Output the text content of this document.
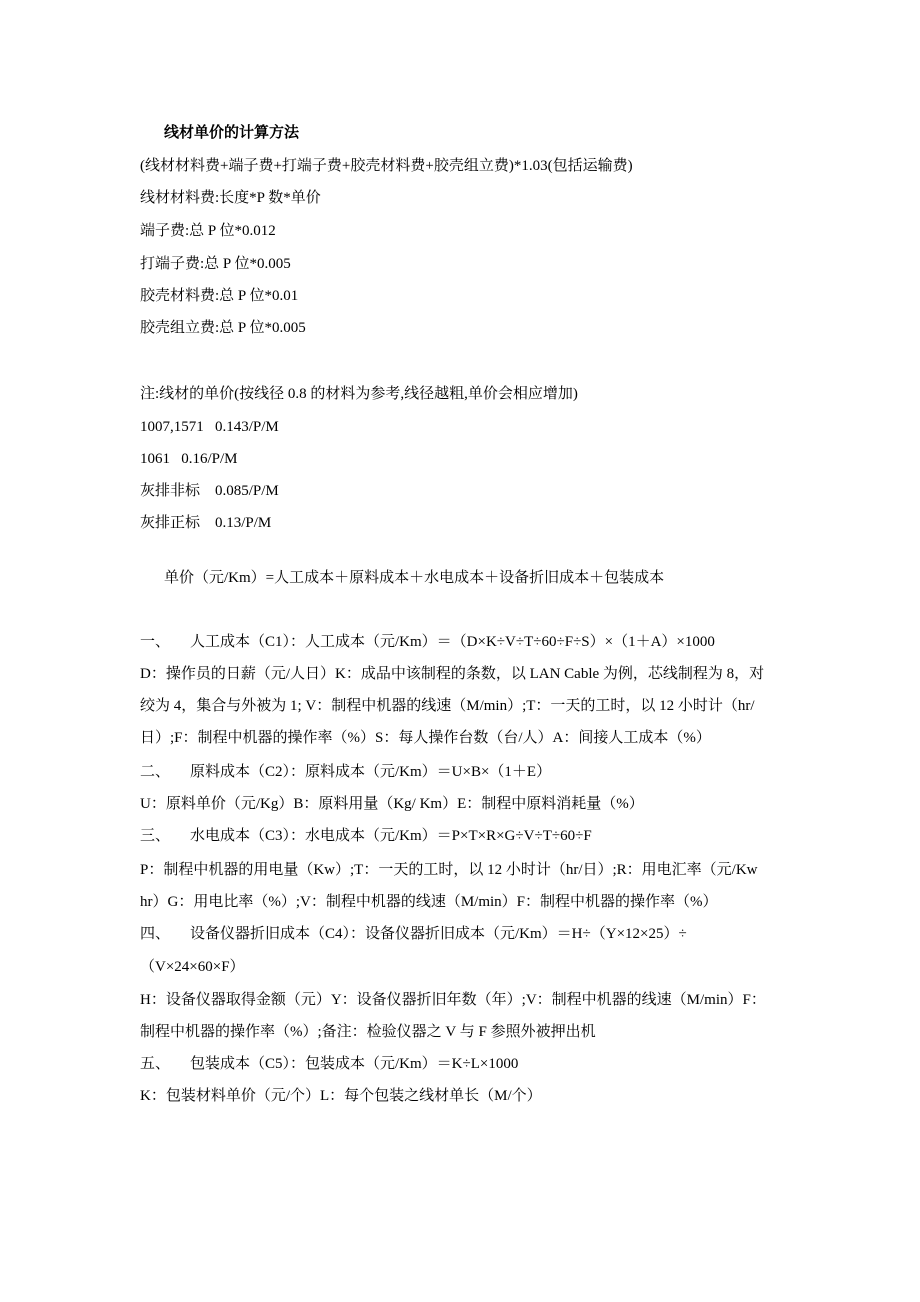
线材单价的计算方法
(线材材料费+端子费+打端子费+胶壳材料费+胶壳组立费)*1.03(包括运输费)
线材材料费:长度*P 数*单价
端子费:总 P 位*0.012
打端子费:总 P 位*0.005
胶壳材料费:总 P 位*0.01
胶壳组立费:总 P 位*0.005
注:线材的单价(按线径 0.8 的材料为参考,线径越粗,单价会相应增加)
1007,1571   0.143/P/M
1061   0.16/P/M
灰排非标    0.085/P/M
灰排正标    0.13/P/M
单价（元/Km）=人工成本＋原料成本＋水电成本＋设备折旧成本＋包装成本
一、 人工成本（C1）：人工成本（元/Km）＝（D×K÷V÷T÷60÷F÷S）×（1＋A）×1000
D：操作员的日薪（元/人日）K：成品中该制程的条数，以 LAN Cable 为例，芯线制程为 8，对
绞为 4，集合与外被为 1; V：制程中机器的线速（M/min）;T：一天的工时，以 12 小时计（hr/
日）;F：制程中机器的操作率（%）S：每人操作台数（台/人）A：间接人工成本（%）
二、 原料成本（C2）：原料成本（元/Km）＝U×B×（1＋E）
U：原料单价（元/Kg）B：原料用量（Kg/ Km）E：制程中原料消耗量（%）
三、 水电成本（C3）：水电成本（元/Km）＝P×T×R×G÷V÷T÷60÷F
P：制程中机器的用电量（Kw）;T：一天的工时，以 12 小时计（hr/日）;R：用电汇率（元/Kw
hr）G：用电比率（%）;V：制程中机器的线速（M/min）F：制程中机器的操作率（%）
四、 设备仪器折旧成本（C4）：设备仪器折旧成本（元/Km）＝H÷（Y×12×25）÷
（V×24×60×F）
H：设备仪器取得金额（元）Y：设备仪器折旧年数（年）;V：制程中机器的线速（M/min）F：
制程中机器的操作率（%）;备注：检验仪器之 V 与 F 参照外被押出机
五、 包装成本（C5）：包装成本（元/Km）＝K÷L×1000
K：包装材料单价（元/个）L：每个包装之线材单长（M/个）
